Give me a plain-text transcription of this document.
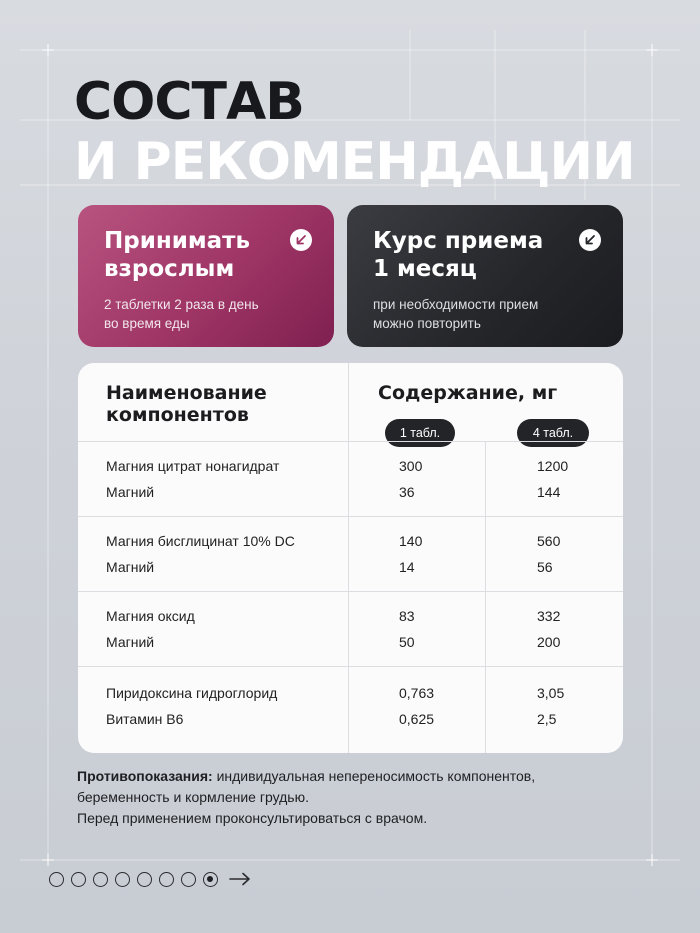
СОСТАВ
И РЕКОМЕНДАЦИИ
Принимать
взрослым
2 таблетки 2 раза в день
во время еды
Курс приема
1 месяц
при необходимости прием
можно повторить
Наименование
компонентов
Содержание, мг
1 табл.	4 табл.
Магния цитрат нонагидрат	300	1200
Магний	36	144
Магния бисглицинат 10% DC	140	560
Магний	14	56
Магния оксид	83	332
Магний	50	200
Пиридоксина гидроглорид	0,763	3,05
Витамин В6	0,625	2,5
Противопоказания: индивидуальная непереносимость компонентов,
беременность и кормление грудью.
Перед применением проконсультироваться с врачом.
